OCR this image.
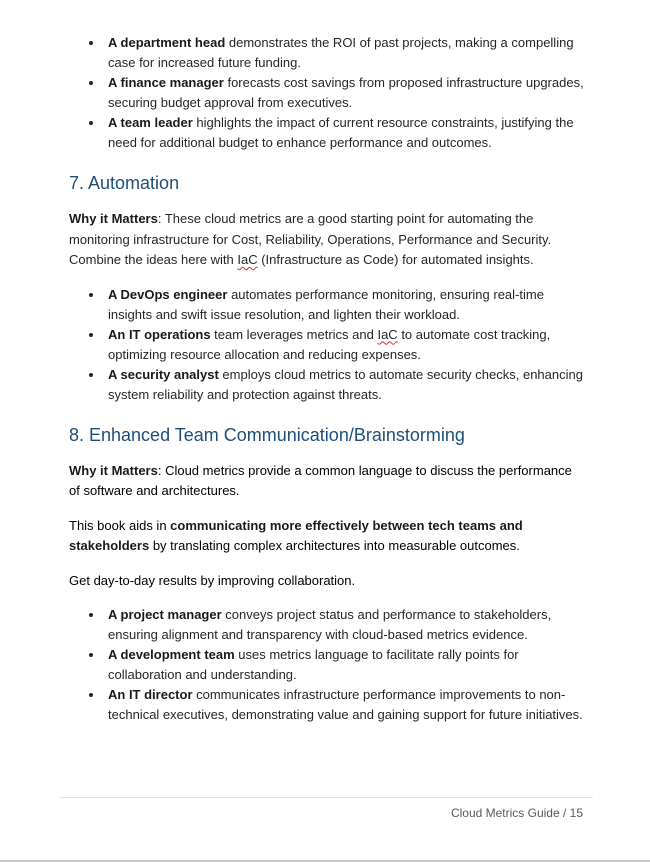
A department head demonstrates the ROI of past projects, making a compelling case for increased future funding.
A finance manager forecasts cost savings from proposed infrastructure upgrades, securing budget approval from executives.
A team leader highlights the impact of current resource constraints, justifying the need for additional budget to enhance performance and outcomes.
7. Automation

Why it Matters: These cloud metrics are a good starting point for automating the monitoring infrastructure for Cost, Reliability, Operations, Performance and Security. Combine the ideas here with IaC (Infrastructure as Code) for automated insights.

A DevOps engineer automates performance monitoring, ensuring real-time insights and swift issue resolution, and lighten their workload.
An IT operations team leverages metrics and IaC to automate cost tracking, optimizing resource allocation and reducing expenses.
A security analyst employs cloud metrics to automate security checks, enhancing system reliability and protection against threats.
8. Enhanced Team Communication/Brainstorming

Why it Matters: Cloud metrics provide a common language to discuss the performance of software and architectures.

This book aids in communicating more effectively between tech teams and stakeholders by translating complex architectures into measurable outcomes.

Get day-to-day results by improving collaboration.

A project manager conveys project status and performance to stakeholders, ensuring alignment and transparency with cloud-based metrics evidence.
A development team uses metrics language to facilitate rally points for collaboration and understanding.
An IT director communicates infrastructure performance improvements to non-technical executives, demonstrating value and gaining support for future initiatives.
Cloud Metrics Guide / 15
